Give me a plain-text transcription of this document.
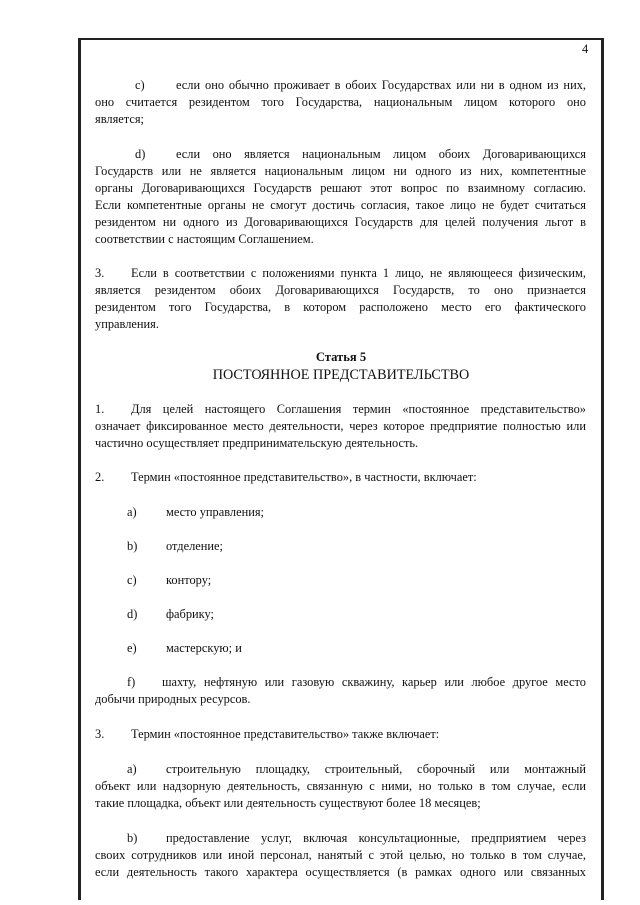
4
c)	если оно обычно проживает в обоих Государствах или ни в одном из них,
оно считается резидентом того Государства, национальным лицом которого оно
является;
d) если оно является национальным лицом обоих Договаривающихся
Государств или не является национальным лицом ни одного из них, компетентные
органы Договаривающихся Государств решают этот вопрос по взаимному согласию.
Если компетентные органы не смогут достичь согласия, такое лицо не будет считаться
резидентом ни одного из Договаривающихся Государств для целей получения льгот в
соответствии с настоящим Соглашением.
3. Если в соответствии с положениями пункта 1 лицо, не являющееся физическим,
является резидентом обоих Договаривающихся Государств, то оно признается
резидентом того Государства, в котором расположено место его фактического
управления.
Статья 5
ПОСТОЯННОЕ ПРЕДСТАВИТЕЛЬСТВО
1. Для целей настоящего Соглашения термин «постоянное представительство»
означает фиксированное место деятельности, через которое предприятие полностью или
частично осуществляет предпринимательскую деятельность.
2. Термин «постоянное представительство», в частности, включает:
a) место управления;
b) отделение;
c) контору;
d) фабрику;
e) мастерскую; и
f) шахту, нефтяную или газовую скважину, карьер или любое другое место
добычи природных ресурсов.
3. Термин «постоянное представительство» также включает:
a) строительную площадку, строительный, сборочный или монтажный
объект или надзорную деятельность, связанную с ними, но только в том случае, если
такие площадка, объект или деятельность существуют более 18 месяцев;
b) предоставление услуг, включая консультационные, предприятием через
своих сотрудников или иной персонал, нанятый с этой целью, но только в том случае,
если деятельность такого характера осуществляется (в рамках одного или связанных
